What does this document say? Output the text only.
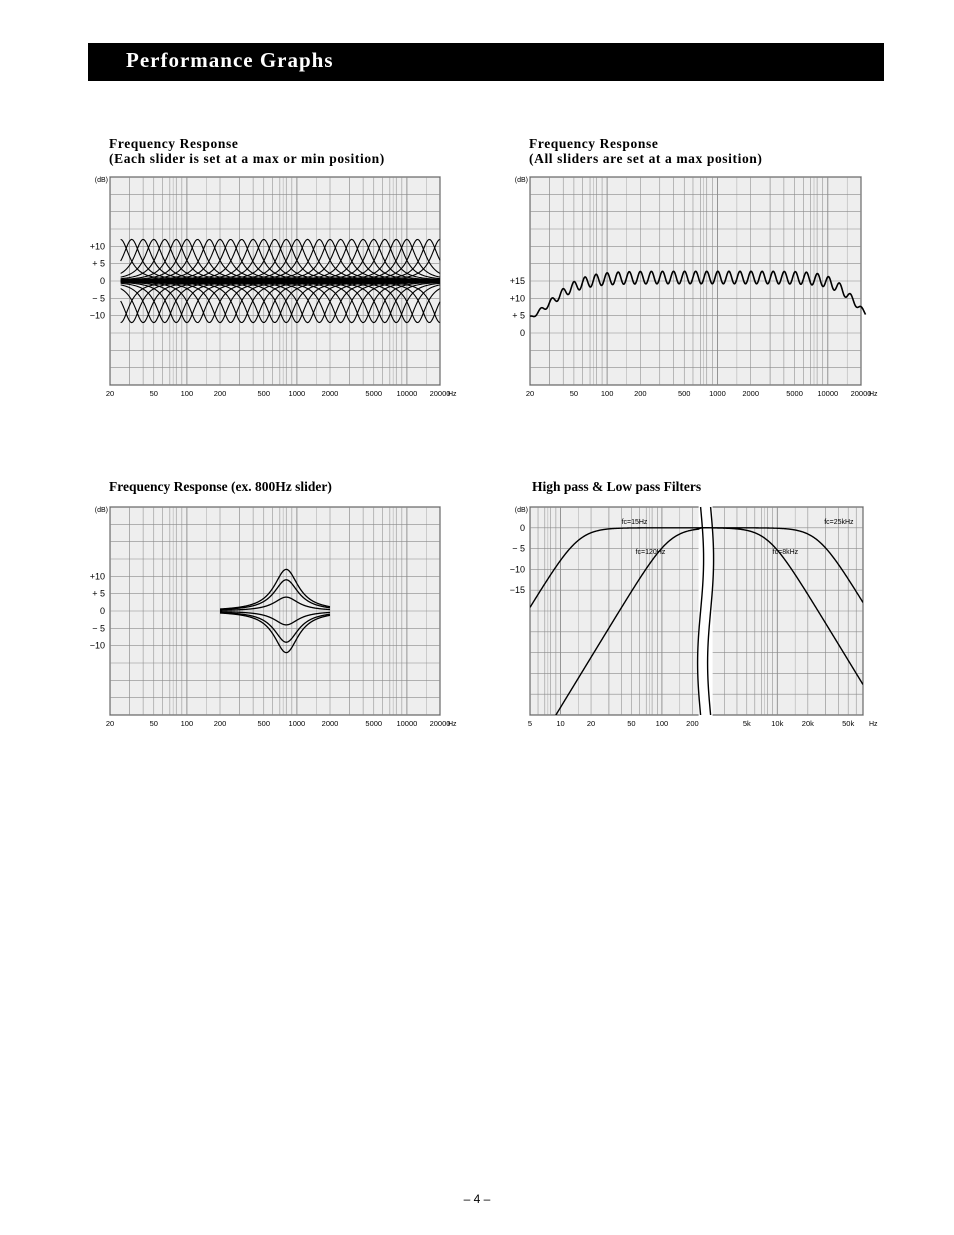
Performance Graphs
Frequency Response
(Each slider is set at a max or min position)
(dB)
20	50	100	200	500 1000 2000	5000 10000 20000
Hz
+10
+ 5
0
− 5
−10
Frequency Response
(All sliders are set at a max position)
(dB)
20	50	100	200	500 1000 2000	5000 10000 20000
Hz
+15
+10
+ 5
0
Frequency Response (ex. 800Hz slider)
(dB)
20	50	100	200	500 1000 2000	5000 10000 20000
Hz
+10
+ 5
0
− 5
−10
High pass & Low pass Filters
(dB)
5	10	20	50	100 200	5k	10k 20k	50k Hz
0
− 5
−10
−15
fc=15Hz
fc=120Hz
fc=25kHz
fc=8kHz
– 4 –
